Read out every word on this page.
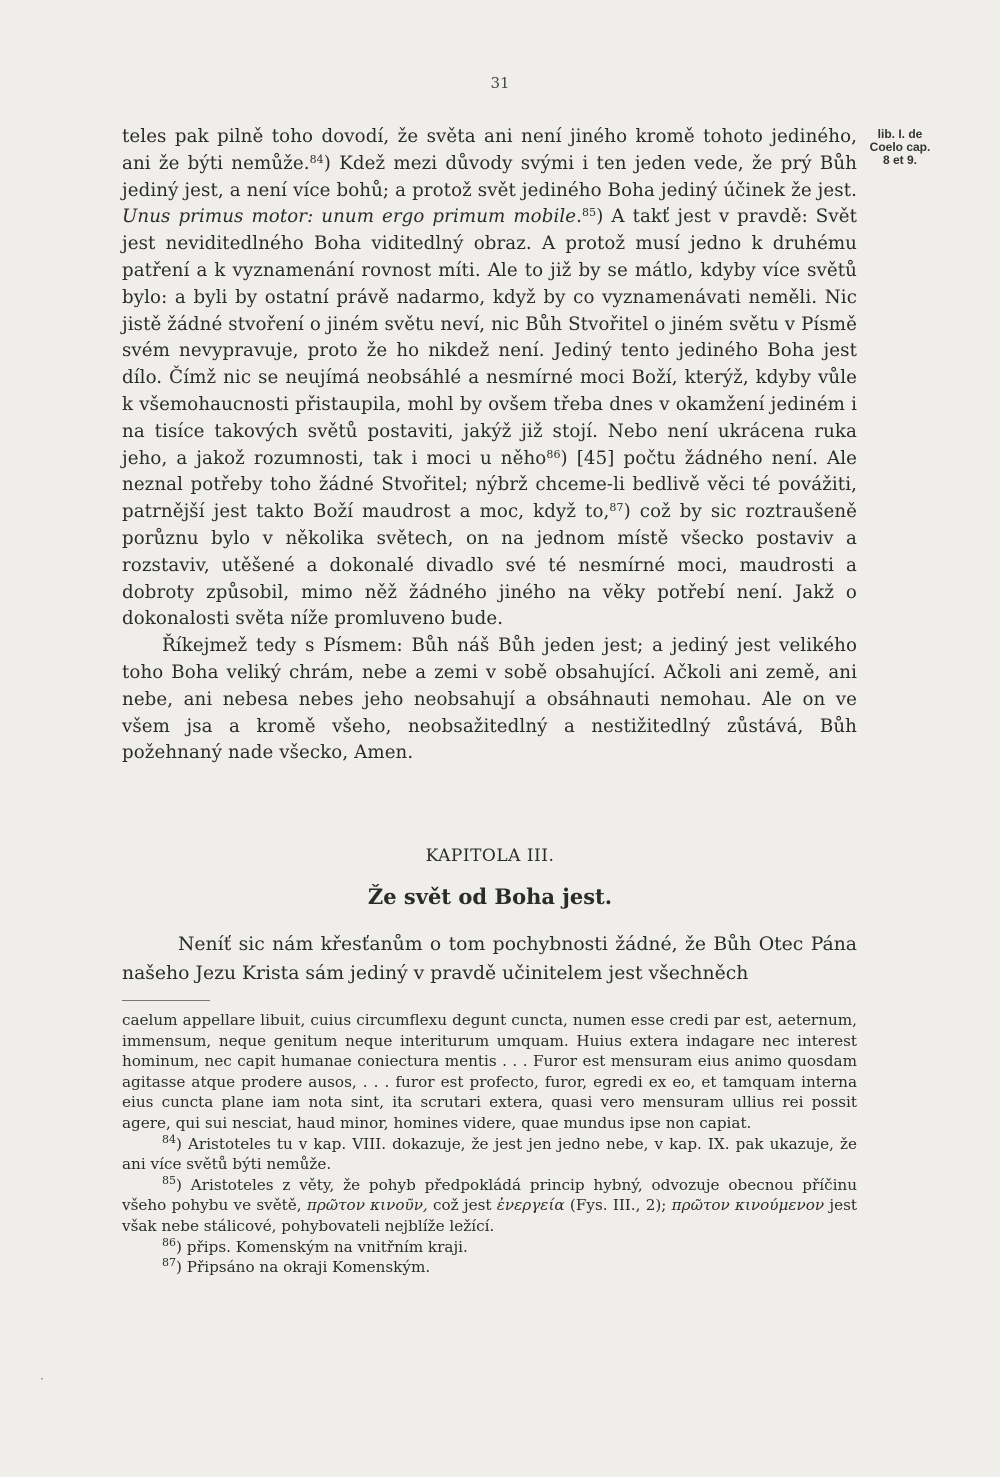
31
lib. I. de
Coelo cap.
8 et 9.

teles pak pilně toho dovodí, že světa ani není jiného kromě tohoto jediného, ani že býti nemůže.$^{84}$) Kdež mezi důvody svými i ten jeden vede, že prý Bůh jediný jest, a není více bohů; a protož svět jediného Boha jediný účinek že jest. Unus primus motor: unum ergo primum mobile.$^{85}$) A takť jest v pravdě: Svět jest neviditedlného Boha viditedlný obraz. A protož musí jedno k druhému patření a k vyznamenání rovnost míti. Ale to již by se mátlo, kdyby více světů bylo: a byli by ostatní právě nadarmo, když by co vyznamenávati neměli. Nic jistě žádné stvoření o jiném světu neví, nic Bůh Stvořitel o jiném světu v Písmě svém nevypravuje, proto že ho nikdež není. Jediný tento jediného Boha jest dílo. Čímž nic se neujímá neobsáhlé a nesmírné moci Boží, kterýž, kdyby vůle k všemohaucnosti přistaupila, mohl by ovšem třeba dnes v okamžení jediném i na tisíce takových světů postaviti, jakýž již stojí. Nebo není ukrácena ruka jeho, a jakož rozumnosti, tak i moci u něho$^{86}$) [45] počtu žádného není. Ale neznal potřeby toho žádné Stvořitel; nýbrž chceme-li bedlivě věci té povážiti, patrnější jest takto Boží maudrost a moc, když to,$^{87}$) což by sic roztraušeně porůznu bylo v několika světech, on na jednom místě všecko postaviv a rozstaviv, utěšené a dokonalé divadlo své té nesmírné moci, maudrosti a dobroty způsobil, mimo něž žádného jiného na věky potřebí není. Jakž o dokonalosti světa níže promluveno bude.

Říkejmež tedy s Písmem: Bůh náš Bůh jeden jest; a jediný jest velikého toho Boha veliký chrám, nebe a zemi v sobě obsahující. Ačkoli ani země, ani nebe, ani nebesa nebes jeho neobsahují a obsáhnauti nemohau. Ale on ve všem jsa a kromě všeho, neobsažitedlný a nestižitedlný zůstává, Bůh požehnaný nade všecko, Amen.

KAPITOLA III.
Že svět od Boha jest.

Neníť sic nám křesťanům o tom pochybnosti žádné, že Bůh Otec Pána našeho Jezu Krista sám jediný v pravdě učinitelem jest všechněch

caelum appellare libuit, cuius circumflexu degunt cuncta, numen esse credi par est, aeternum, immensum, neque genitum neque interiturum umquam. Huius extera indagare nec interest hominum, nec capit humanae coniectura mentis . . . Furor est mensuram eius animo quosdam agitasse atque prodere ausos, . . . furor est profecto, furor, egredi ex eo, et tamquam interna eius cuncta plane iam nota sint, ita scrutari extera, quasi vero mensuram ullius rei possit agere, qui sui nesciat, haud minor, homines videre, quae mundus ipse non capiat.

$^{84}$) Aristoteles tu v kap. VIII. dokazuje, že jest jen jedno nebe, v kap. IX. pak ukazuje, že ani více světů býti nemůže.

$^{85}$) Aristoteles z věty, že pohyb předpokládá princip hybný, odvozuje obecnou příčinu všeho pohybu ve světě, πρῶτον κινοῦν, což jest ἐνεργεία (Fys. III., 2); πρῶτον κινούμενον jest však nebe stálicové, pohybovateli nejblíže ležící.

$^{86}$) přips. Komenským na vnitřním kraji.

$^{87}$) Připsáno na okraji Komenským.

·
